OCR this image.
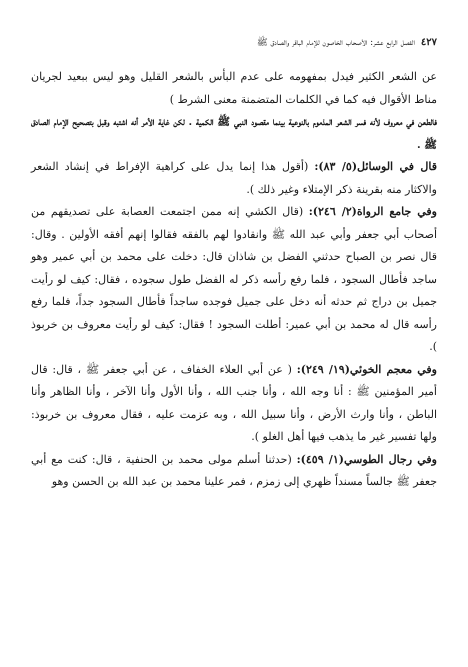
٤٢٧
الفصل الرابع عشر: الأصحاب الخاصون للإمام الباقر والصادق ﷺ

عن الشعر الكثير فيدل بمفهومه على عدم البأس بالشعر القليل وهو ليس ببعيد لجريان مناط الأقوال فيه كما في الكلمات المتضمنة معنى الشرط )

فالطعن في معروف لأنه فسر الشعر المذموم بالنوعية بينما مقصود النبي ﷺ الكمية . لكن غاية الأمر أنه اشتبه وقبل بتصحيح الإمام الصادق ﷺ .

قال في الوسائل(٥/ ٨٣): (أقول هذا إنما يدل على كراهية الإفراط في إنشاد الشعر والاكثار منه بقرينة ذكر الإمتلاء وغير ذلك ).

وفي جامع الرواة(٢/ ٢٤٦): (قال الكشي إنه ممن اجتمعت العصابة على تصديقهم من أصحاب أبي جعفر وأبي عبد الله ﷺ وانقادوا لهم بالفقه فقالوا إنهم أفقه الأولين . وقال: قال نصر بن الصباح حدثني الفضل بن شاذان قال: دخلت على محمد بن أبي عمير وهو ساجد فأطال السجود ، فلما رفع رأسه ذكر له الفضل طول سجوده ، فقال: كيف لو رأيت جميل بن دراج ثم حدثه أنه دخل على جميل فوجده ساجداً فأطال السجود جداً، فلما رفع رأسه قال له محمد بن أبي عمير: أطلت السجود ! فقال: كيف لو رأيت معروف بن خربوذ ).

وفي معجم الخوئي(١٩/ ٢٤٩): ( عن أبي العلاء الخفاف ، عن أبي جعفر ﷺ ، قال: قال أمير المؤمنين ﷺ : أنا وجه الله ، وأنا جنب الله ، وأنا الأول وأنا الآخر ، وأنا الظاهر وأنا الباطن ، وأنا وارث الأرض ، وأنا سبيل الله ، وبه عزمت عليه ، فقال معروف بن خربوذ: ولها تفسير غير ما يذهب فيها أهل الغلو ).

وفي رجال الطوسي(١/ ٤٥٩): (حدثنا أسلم مولى محمد بن الحنفية ، قال: كنت مع أبي جعفر ﷺ جالساً مسنداً ظهري إلى زمزم ، فمر علينا محمد بن عبد الله بن الحسن وهو
